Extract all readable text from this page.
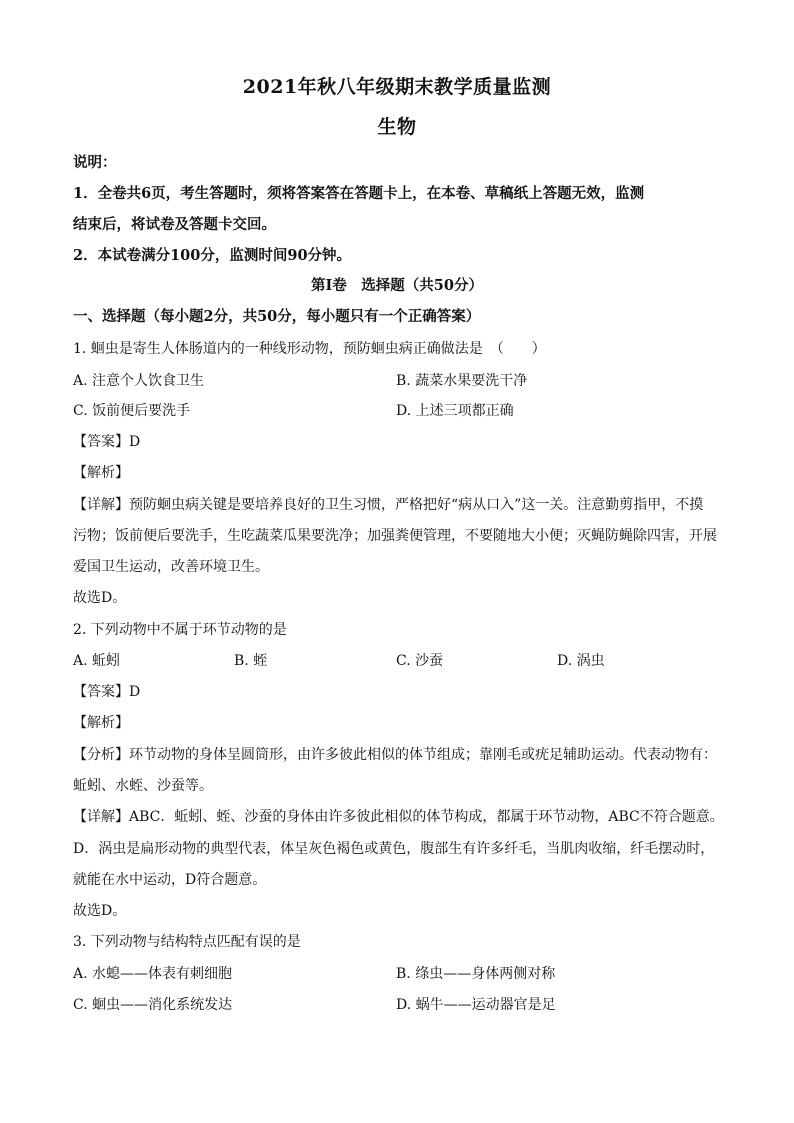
2021年秋八年级期末教学质量监测
生物
说明：
1．全卷共6页，考生答题时，须将答案答在答题卡上，在本卷、草稿纸上答题无效，监测
结束后，将试卷及答题卡交回。
2．本试卷满分100分，监测时间90分钟。
第Ⅰ卷　选择题（共50分）
一、选择题（每小题2分，共50分，每小题只有一个正确答案）
1. 蛔虫是寄生人体肠道内的一种线形动物，预防蛔虫病正确做法是　（　　）
A. 注意个人饮食卫生	B. 蔬菜水果要洗干净
C. 饭前便后要洗手	D. 上述三项都正确
【答案】D
【解析】
【详解】预防蛔虫病关键是要培养良好的卫生习惯，严格把好“病从口入”这一关。注意勤剪指甲，不摸
污物；饭前便后要洗手，生吃蔬菜瓜果要洗净；加强粪便管理，不要随地大小便；灭蝇防蝇除四害，开展
爱国卫生运动，改善环境卫生。
故选D。
2. 下列动物中不属于环节动物的是
A. 蚯蚓	B. 蛭	C. 沙蚕	D. 涡虫
【答案】D
【解析】
【分析】环节动物的身体呈圆筒形，由许多彼此相似的体节组成；靠刚毛或疣足辅助运动。代表动物有：
蚯蚓、水蛭、沙蚕等。
【详解】ABC．蚯蚓、蛭、沙蚕的身体由许多彼此相似的体节构成，都属于环节动物，ABC不符合题意。
D．涡虫是扁形动物的典型代表，体呈灰色褐色或黄色，腹部生有许多纤毛，当肌肉收缩，纤毛摆动时，
就能在水中运动，D符合题意。
故选D。
3. 下列动物与结构特点匹配有误的是
A. 水螅——体表有刺细胞	B. 绦虫——身体两侧对称
C. 蛔虫——消化系统发达	D. 蜗牛——运动器官是足
